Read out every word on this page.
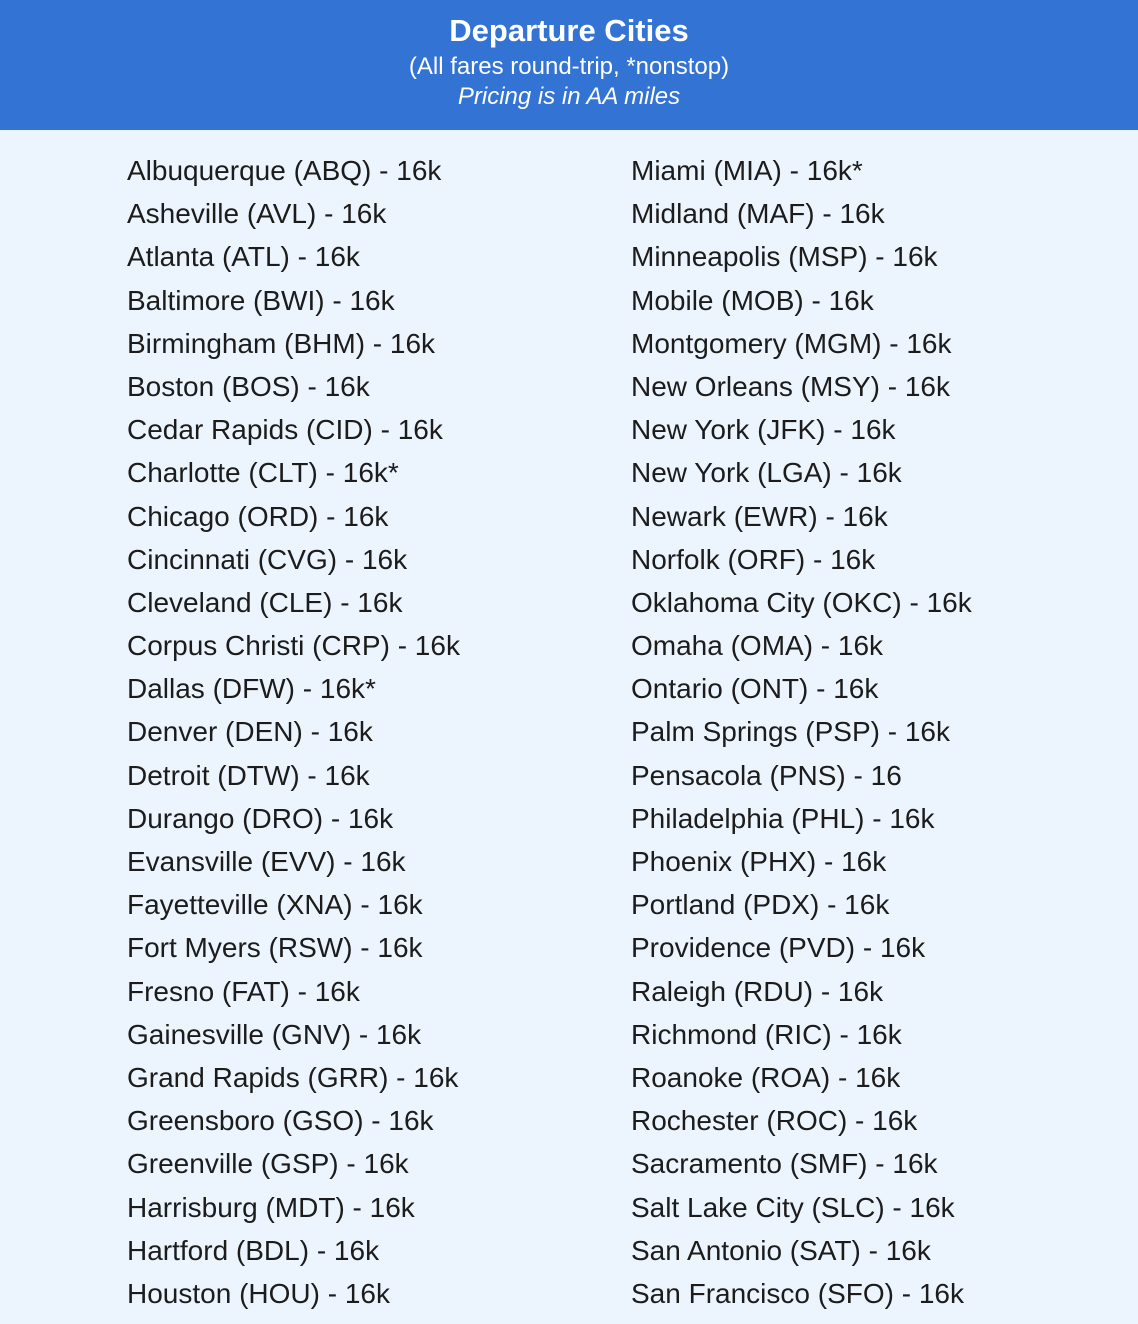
Departure Cities
(All fares round-trip, *nonstop)
Pricing is in AA miles
Albuquerque (ABQ) - 16k
Asheville (AVL) - 16k
Atlanta (ATL) - 16k
Baltimore (BWI) - 16k
Birmingham (BHM) - 16k
Boston (BOS) - 16k
Cedar Rapids (CID) - 16k
Charlotte (CLT) - 16k*
Chicago (ORD) - 16k
Cincinnati (CVG) - 16k
Cleveland (CLE) - 16k
Corpus Christi (CRP) - 16k
Dallas (DFW) - 16k*
Denver (DEN) - 16k
Detroit (DTW) - 16k
Durango (DRO) - 16k
Evansville (EVV) - 16k
Fayetteville (XNA) - 16k
Fort Myers (RSW) - 16k
Fresno (FAT) - 16k
Gainesville (GNV) - 16k
Grand Rapids (GRR) - 16k
Greensboro (GSO) - 16k
Greenville (GSP) - 16k
Harrisburg (MDT) - 16k
Hartford (BDL) - 16k
Houston (HOU) - 16k
Miami (MIA) - 16k*
Midland (MAF) - 16k
Minneapolis (MSP) - 16k
Mobile (MOB) - 16k
Montgomery (MGM) - 16k
New Orleans (MSY) - 16k
New York (JFK) - 16k
New York (LGA) - 16k
Newark (EWR) - 16k
Norfolk (ORF) - 16k
Oklahoma City (OKC) - 16k
Omaha (OMA) - 16k
Ontario (ONT) - 16k
Palm Springs (PSP) - 16k
Pensacola (PNS) - 16
Philadelphia (PHL) - 16k
Phoenix (PHX) - 16k
Portland (PDX) - 16k
Providence (PVD) - 16k
Raleigh (RDU) - 16k
Richmond (RIC) - 16k
Roanoke (ROA) - 16k
Rochester (ROC) - 16k
Sacramento (SMF) - 16k
Salt Lake City (SLC) - 16k
San Antonio (SAT) - 16k
San Francisco (SFO) - 16k
